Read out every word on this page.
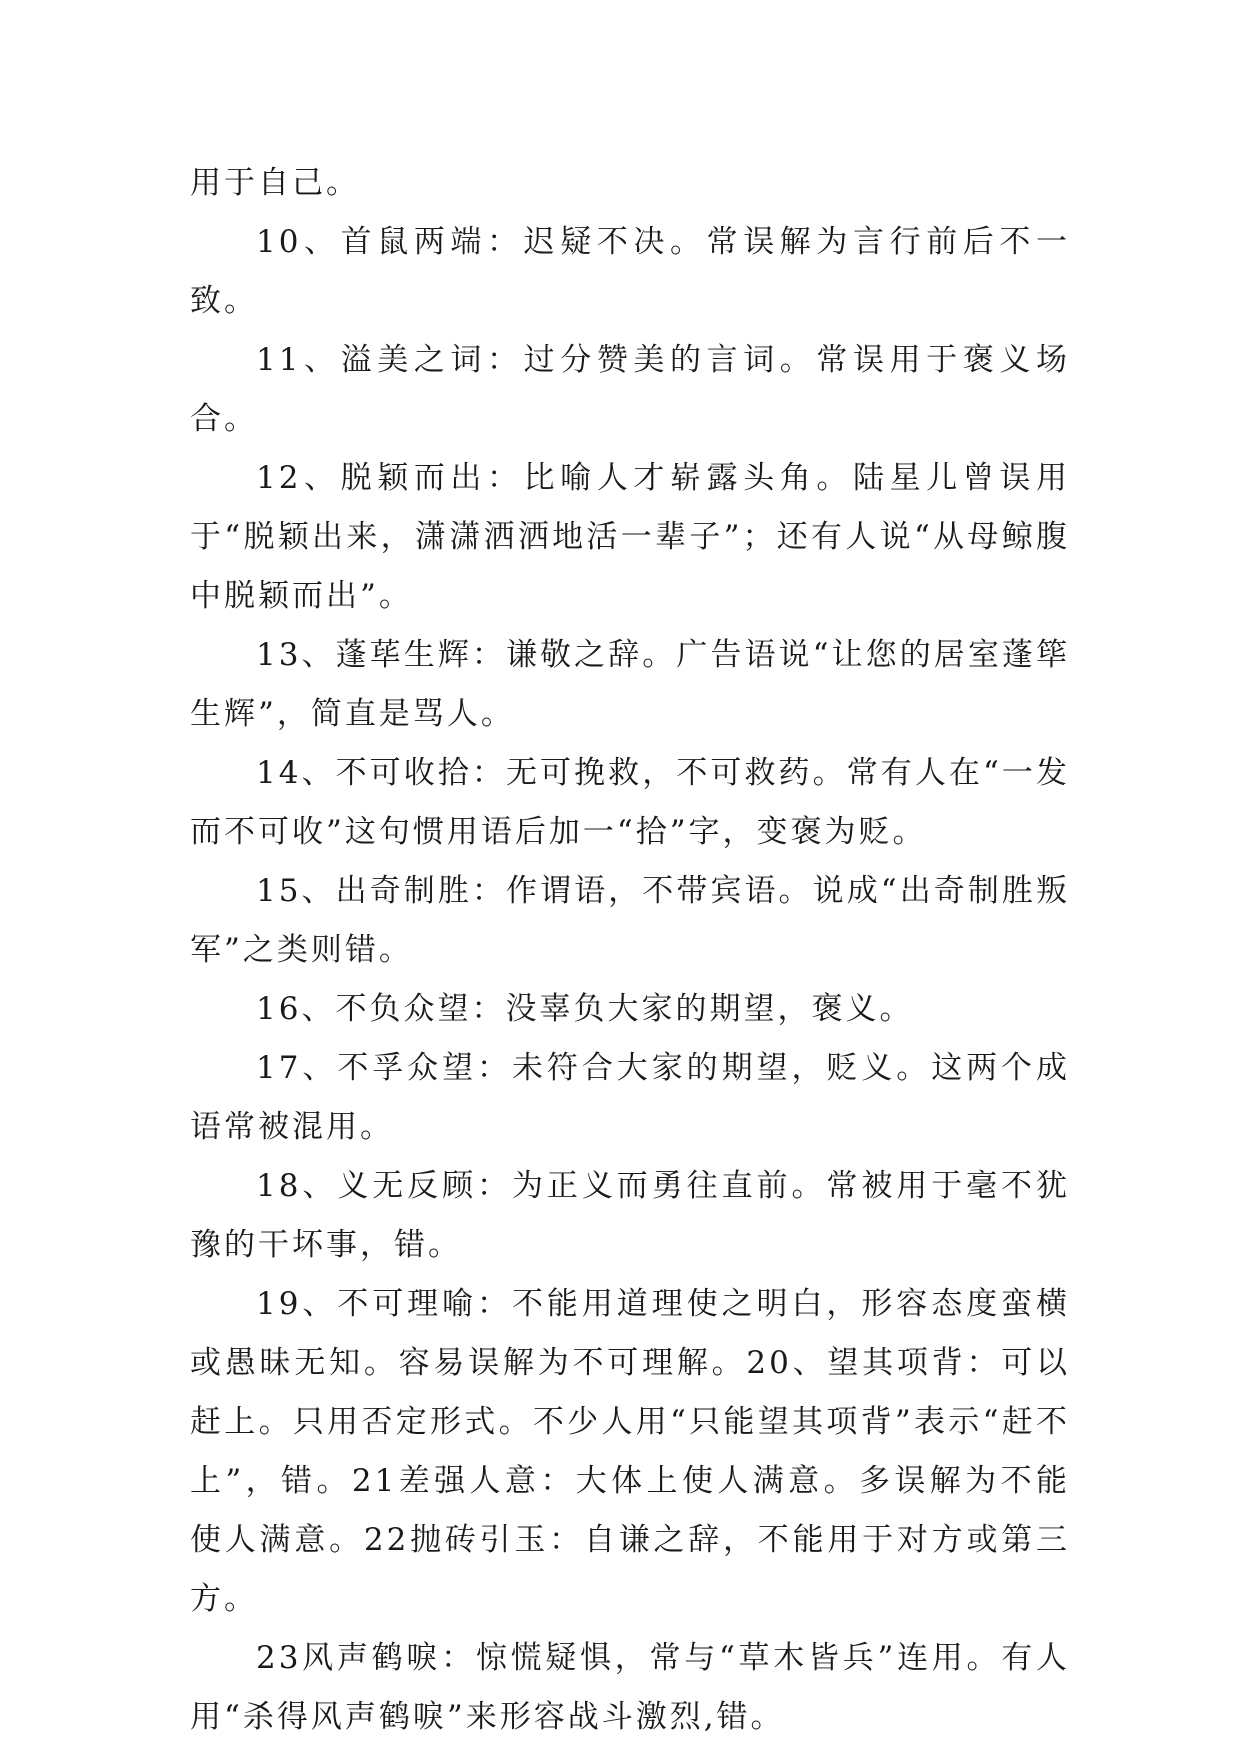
用于自己。

10、首鼠两端：迟疑不决。常误解为言行前后不一致。

11、溢美之词：过分赞美的言词。常误用于褒义场合。

12、脱颖而出：比喻人才崭露头角。陆星儿曾误用于“脱颖出来，潇潇洒洒地活一辈子”；还有人说“从母鲸腹中脱颖而出”。

13、蓬荜生辉：谦敬之辞。广告语说“让您的居室蓬筚生辉”，简直是骂人。

14、不可收拾：无可挽救，不可救药。常有人在“一发而不可收”这句惯用语后加一“拾”字，变褒为贬。

15、出奇制胜：作谓语，不带宾语。说成“出奇制胜叛军”之类则错。

16、不负众望：没辜负大家的期望，褒义。

17、不孚众望：未符合大家的期望，贬义。这两个成语常被混用。

18、义无反顾：为正义而勇往直前。常被用于毫不犹豫的干坏事，错。

19、不可理喻：不能用道理使之明白，形容态度蛮横或愚昧无知。容易误解为不可理解。20、望其项背：可以赶上。只用否定形式。不少人用“只能望其项背”表示“赶不上”，错。21差强人意：大体上使人满意。多误解为不能使人满意。22抛砖引玉：自谦之辞，不能用于对方或第三方。

23风声鹤唳：惊慌疑惧，常与“草木皆兵”连用。有人用“杀得风声鹤唳”来形容战斗激烈,错。
